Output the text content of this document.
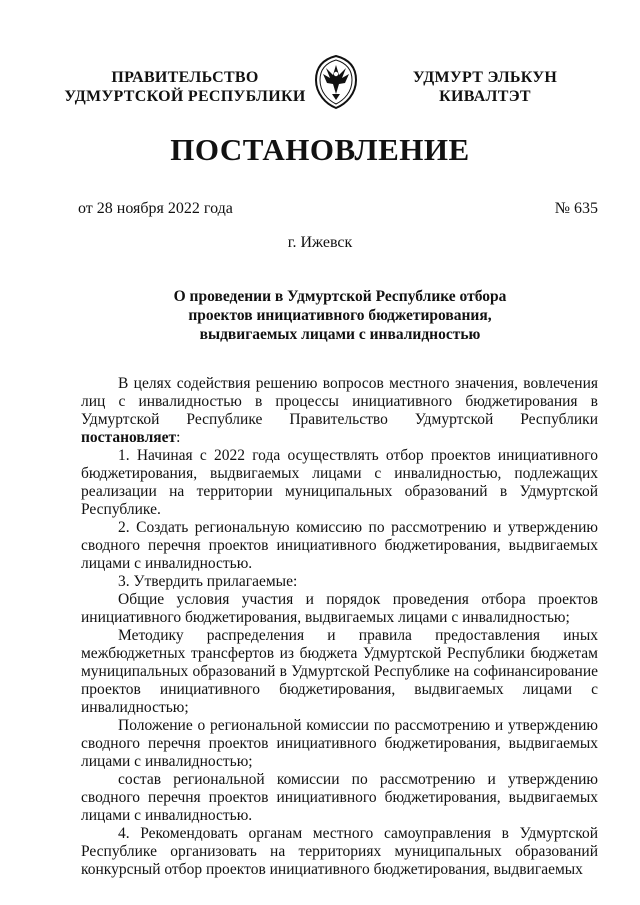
ПРАВИТЕЛЬСТВО
УДМУРТСКОЙ РЕСПУБЛИКИ
УДМУРТ ЭЛЬКУН
КИВАЛТЭТ
ПОСТАНОВЛЕНИЕ
от 28 ноября 2022 года	№ 635
г. Ижевск
О проведении в Удмуртской Республике отбора
проектов инициативного бюджетирования,
выдвигаемых лицами с инвалидностью

В целях содействия решению вопросов местного значения, вовлечения лиц с инвалидностью в процессы инициативного бюджетирования в Удмуртской Республике Правительство Удмуртской Республики постановляет:

1. Начиная с 2022 года осуществлять отбор проектов инициативного бюджетирования, выдвигаемых лицами с инвалидностью, подлежащих реализации на территории муниципальных образований в Удмуртской Республике.

2. Создать региональную комиссию по рассмотрению и утверждению сводного перечня проектов инициативного бюджетирования, выдвигаемых лицами с инвалидностью.

3. Утвердить прилагаемые:

Общие условия участия и порядок проведения отбора проектов инициативного бюджетирования, выдвигаемых лицами с инвалидностью;

Методику распределения и правила предоставления иных межбюджетных трансфертов из бюджета Удмуртской Республики бюджетам муниципальных образований в Удмуртской Республике на софинансирование проектов инициативного бюджетирования, выдвигаемых лицами с инвалидностью;

Положение о региональной комиссии по рассмотрению и утверждению сводного перечня проектов инициативного бюджетирования, выдвигаемых лицами с инвалидностью;

состав региональной комиссии по рассмотрению и утверждению сводного перечня проектов инициативного бюджетирования, выдвигаемых лицами с инвалидностью.

4. Рекомендовать органам местного самоуправления в Удмуртской Республике организовать на территориях муниципальных образований конкурсный отбор проектов инициативного бюджетирования, выдвигаемых
